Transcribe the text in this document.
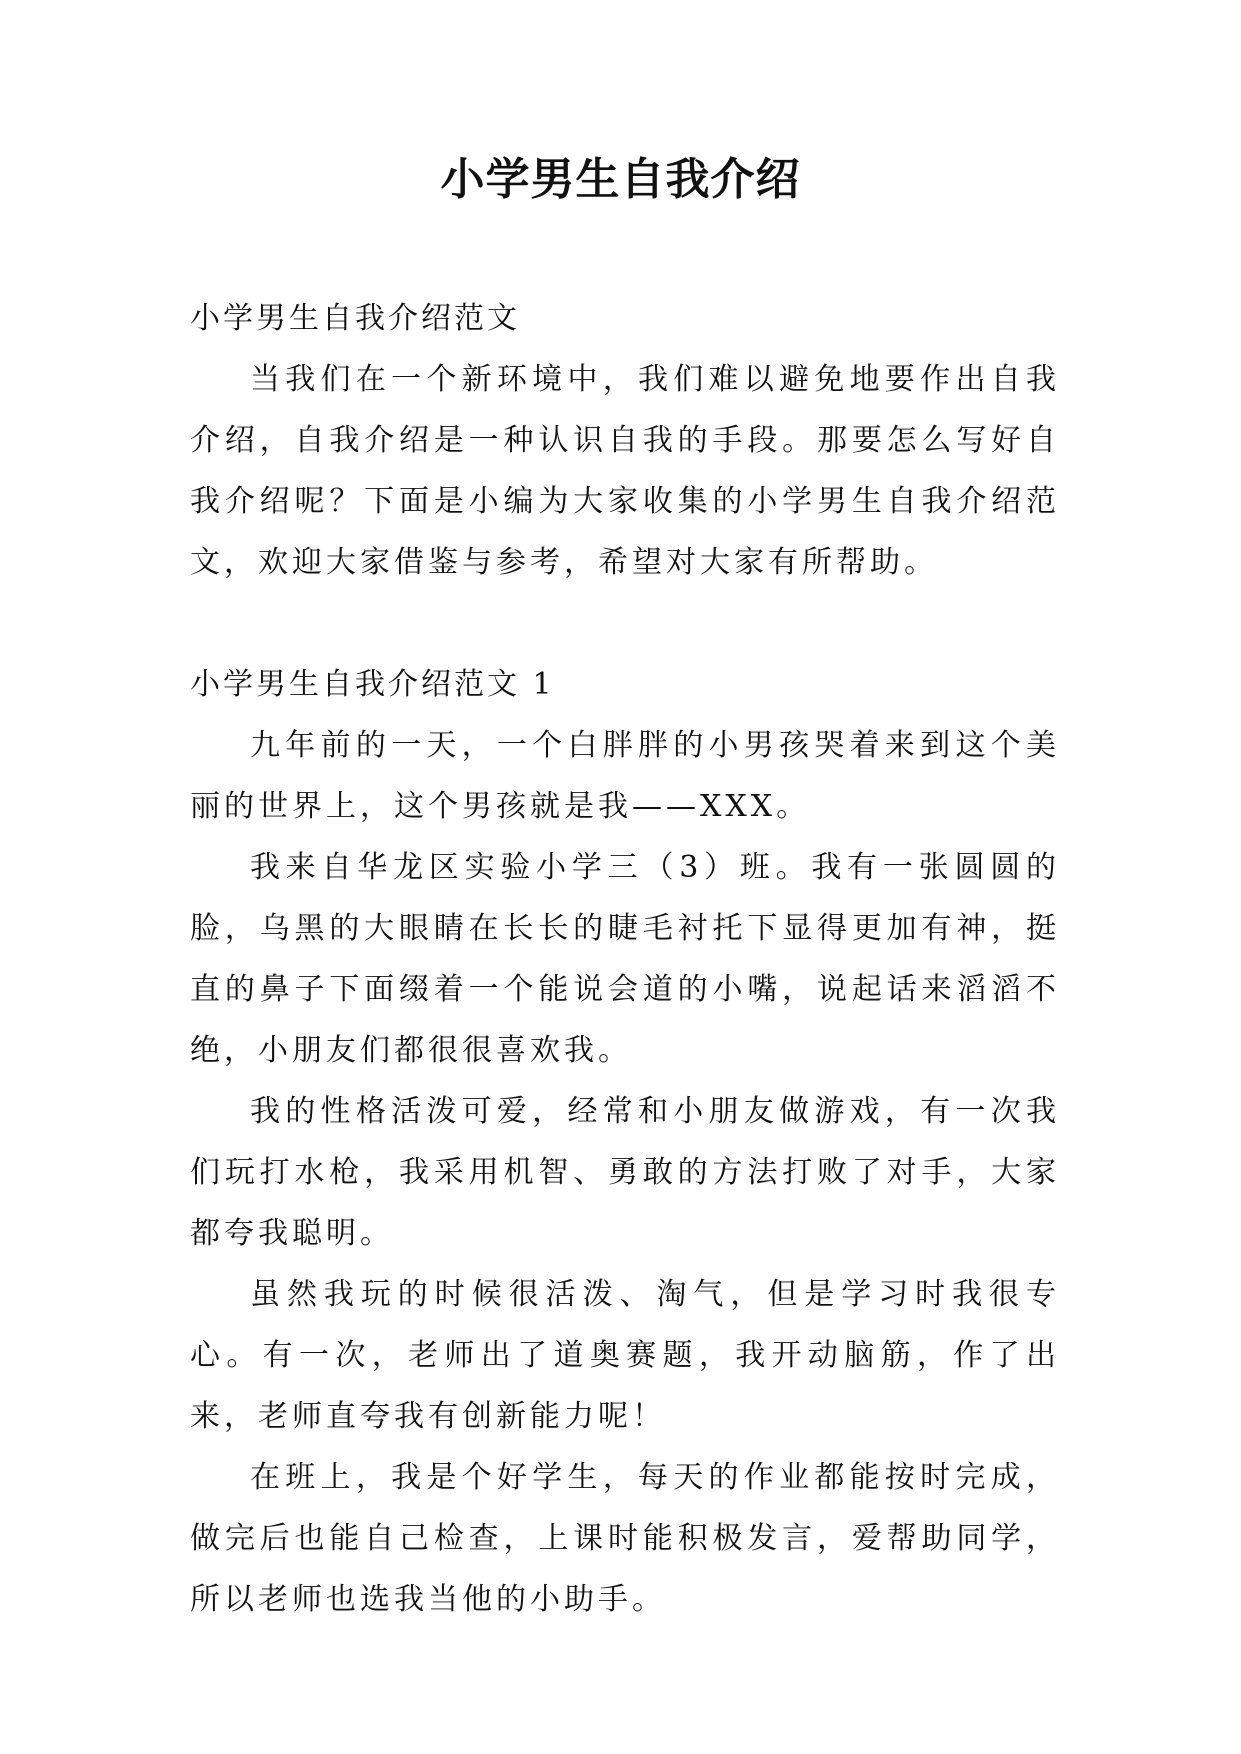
小学男生自我介绍

小学男生自我介绍范文

当我们在一个新环境中，我们难以避免地要作出自我介绍，自我介绍是一种认识自我的手段。那要怎么写好自我介绍呢？下面是小编为大家收集的小学男生自我介绍范文，欢迎大家借鉴与参考，希望对大家有所帮助。

小学男生自我介绍范文 1

九年前的一天，一个白胖胖的小男孩哭着来到这个美丽的世界上，这个男孩就是我——XXX。

我来自华龙区实验小学三（3）班。我有一张圆圆的脸，乌黑的大眼睛在长长的睫毛衬托下显得更加有神，挺直的鼻子下面缀着一个能说会道的小嘴，说起话来滔滔不绝，小朋友们都很很喜欢我。

我的性格活泼可爱，经常和小朋友做游戏，有一次我们玩打水枪，我采用机智、勇敢的方法打败了对手，大家都夸我聪明。

虽然我玩的时候很活泼、淘气，但是学习时我很专心。有一次，老师出了道奥赛题，我开动脑筋，作了出来，老师直夸我有创新能力呢！

在班上，我是个好学生，每天的作业都能按时完成，做完后也能自己检查，上课时能积极发言，爱帮助同学，所以老师也选我当他的小助手。
